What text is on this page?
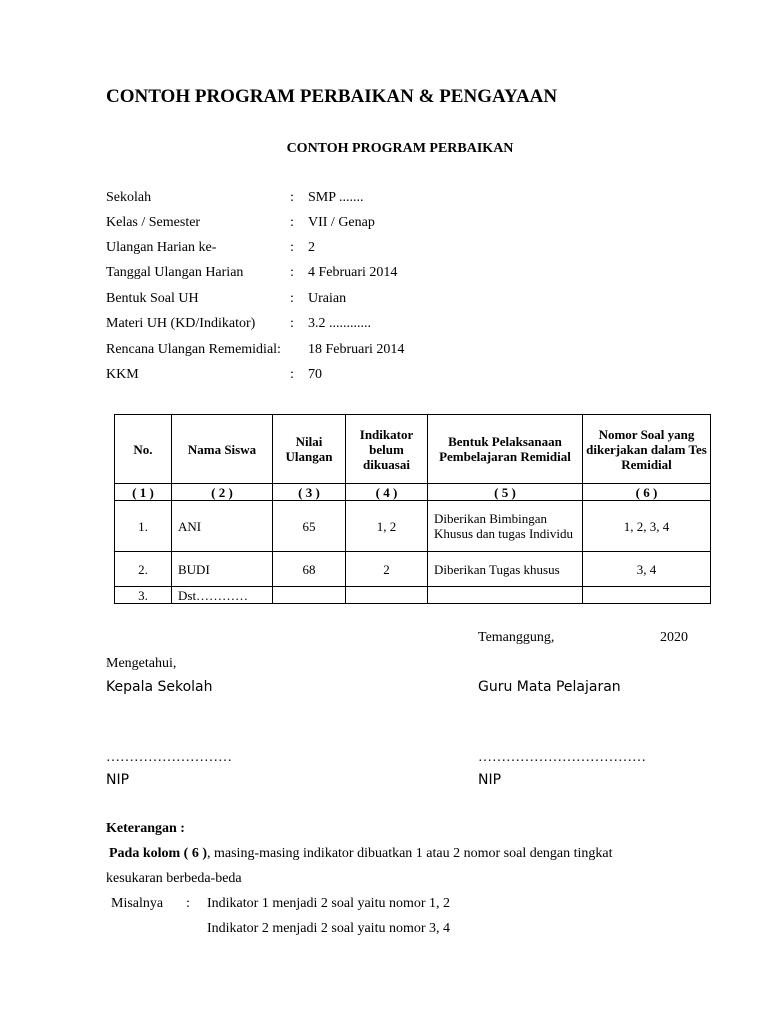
CONTOH PROGRAM PERBAIKAN & PENGAYAAN
CONTOH PROGRAM PERBAIKAN
Sekolah	: SMP .......
Kelas / Semester	: VII / Genap
Ulangan Harian ke-	: 2
Tanggal Ulangan Harian	: 4 Februari 2014
Bentuk Soal UH	: Uraian
Materi UH (KD/Indikator) : 3.2 ............
Rencana Ulangan Rememidial: 18 Februari 2014
KKM	: 70
No.	Nama Siswa	Nilai Ulangan	Indikator belum dikuasai	Bentuk Pelaksanaan Pembelajaran Remidial	Nomor Soal yang dikerjakan dalam Tes Remidial
( 1 )	( 2 )	( 3 )	( 4 )	( 5 )	( 6 )
1.	ANI	65	1, 2	Diberikan Bimbingan Khusus dan tugas Individu	1, 2, 3, 4
2.	BUDI	68	2	Diberikan Tugas khusus	3, 4
3.	Dst…………				
Temanggung,	2020
Mengetahui,
Kepala Sekolah	Guru Mata Pelajaran
………………………	………………………………
NIP	NIP
Keterangan :
Pada kolom ( 6 ), masing-masing indikator dibuatkan 1 atau 2 nomor soal dengan tingkat
kesukaran berbeda-beda
Misalnya : Indikator 1 menjadi 2 soal yaitu nomor 1, 2
Indikator 2 menjadi 2 soal yaitu nomor 3, 4
